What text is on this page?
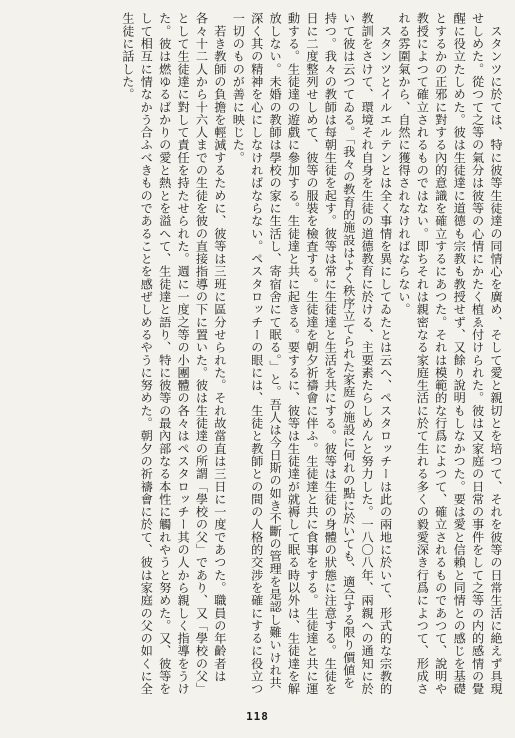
　スタンツに於ては、特に彼等生徒達の同情心を廣め、そして愛と親切とを培つて、それを彼等の日常生活に絶えず具現せしめた。從つて之等の氣分は彼等の心情にかたく植ゑ付けられた。彼は又家庭の日常の事件をして之等の内的感情の覺醒に役立たしめた。彼は生徒達に道德も宗教も教授せず、又餘り說明もしなかつた。要は愛と信賴と同情との感じを基礎とするかの正邪に對する內的意識を確立するにあつた。それは模範的な行爲によつて、確立されるものであつて、說明や教授によつて確立されるものではない。即ちそれは親密なる家庭生活に於て生れる多くの毅愛深き行爲によつて、形成される雰圍氣から、自然に獲得されなければならない。

　スタンツとイルエルテンとは全く事情を異にしてゐたとは云へ、ペスタロッチーは此の兩地に於いて、形式的な宗教的教訓をさけて、環境それ自身を生徒の道德教育に於ける、主要素たらしめんと努力した。一八〇八年、兩親への通知に於いて彼は云つてゐる。「我々の教育的施設はよく秩序立てられた家庭の施設に何れの點に於いても、適合する限り價値を持つ。我々の教師は每朝生徒を起す。彼等は常に生徒達と生活を共にする。彼等は生徒の身體の狀態に注意する。生徒を日に二度整列せしめて、彼等の服裝を檢査する。生徒達を朝夕祈禱會に伴ふ。生徒達と共に食事をする。生徒達と共に運動する。生徒達の遊戲に參加する。生徒達と共に起きる。要するに、彼等は生徒達が就褥して眠る時以外は、生徒達を解放しない。未婚の教師は學校の家に生活し、寄宿舍にて眠る。」と。吾人は今日斯の如き不斷の管理を是認し難いけれ共深く其の精神を心にしなければならない。ペスタロッチーの眼には、生徒と教師との間の人格的交涉を確にするに役立つ一切のものが善に映じた。

　若き教師の負擔を輕減するために、彼等は三班に區分せられた。それ故當直は三日に一度であつた。職員の年齡者は各々十二人から十六人までの生徒を彼の直接指導の下に置いた。彼は生徒達の所謂「學校の父」であり、又「學校の父」として生徒達に對して責任を持たせられた。週に一度之等の小團體の各々はペスタロッチー其の人から親しく指導をうけた。彼は燃ゆるばかりの愛と熱とを溢へて、生徒達と語り、特に彼等の最內部なる本性に觸れやうと努めた。又、彼等をして相互に情なかう合ふべきものであることを感ぜしめるやうに努めた。朝夕の祈禱會に於て、彼は家庭の父の如くに全生徒に話した。

118
